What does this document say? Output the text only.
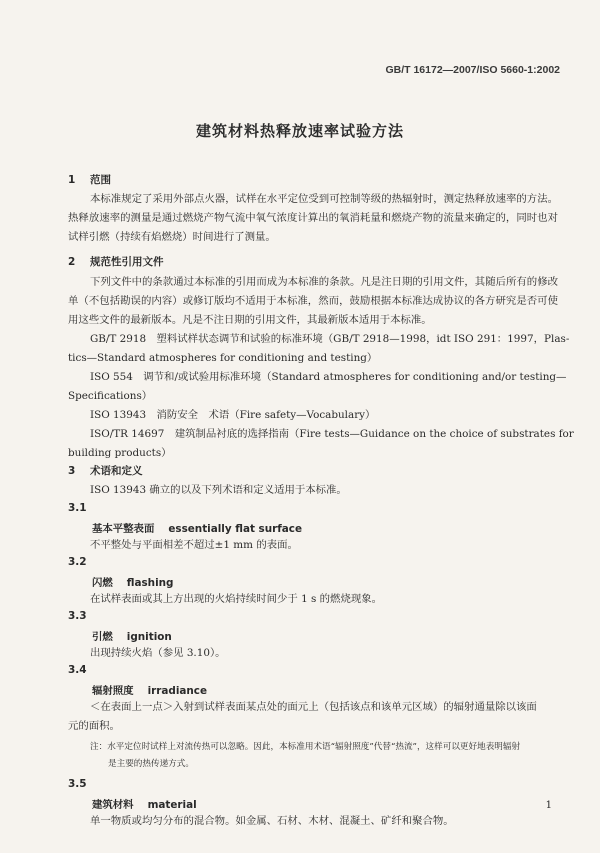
GB/T 16172—2007/ISO 5660-1:2002
建筑材料热释放速率试验方法
1 范围
本标准规定了采用外部点火器，试样在水平定位受到可控制等级的热辐射时，测定热释放速率的方法。热释放速率的测量是通过燃烧产物气流中氧气浓度计算出的氧消耗量和燃烧产物的流量来确定的，同时也对试样引燃（持续有焰燃烧）时间进行了测量。
2 规范性引用文件
下列文件中的条款通过本标准的引用而成为本标准的条款。凡是注日期的引用文件，其随后所有的修改单（不包括勘误的内容）或修订版均不适用于本标准，然而，鼓励根据本标准达成协议的各方研究是否可使用这些文件的最新版本。凡是不注日期的引用文件，其最新版本适用于本标准。
GB/T 2918　塑料试样状态调节和试验的标准环境（GB/T 2918—1998，idt ISO 291：1997，Plas-
tics—Standard atmospheres for conditioning and testing）
ISO 554　调节和/或试验用标准环境（Standard atmospheres for conditioning and/or testing—
Specifications）
ISO 13943　消防安全　术语（Fire safety—Vocabulary）
ISO/TR 14697　建筑制品衬底的选择指南（Fire tests—Guidance on the choice of substrates for
building products）
3 术语和定义
ISO 13943 确立的以及下列术语和定义适用于本标准。
3.1
基本平整表面 essentially flat surface
不平整处与平面相差不超过±1 mm 的表面。
3.2
闪燃 flashing
在试样表面或其上方出现的火焰持续时间少于 1 s 的燃烧现象。
3.3
引燃 ignition
出现持续火焰（参见 3.10）。
3.4
辐射照度 irradiance
＜在表面上一点＞入射到试样表面某点处的面元上（包括该点和该单元区域）的辐射通量除以该面
元的面积。
注：水平定位时试样上对流传热可以忽略。因此，本标准用术语“辐射照度”代替“热流”，这样可以更好地表明辐射
是主要的热传递方式。
3.5
建筑材料 material
单一物质或均匀分布的混合物。如金属、石材、木材、混凝土、矿纤和聚合物。
1
